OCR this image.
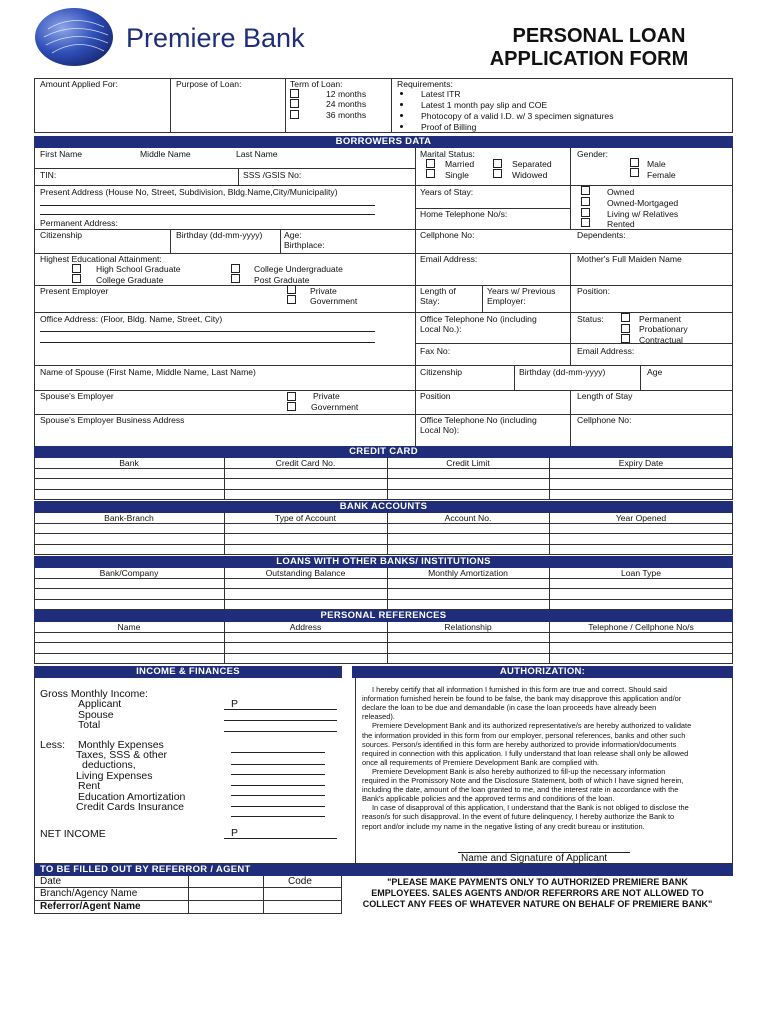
Premiere Bank	PERSONAL LOAN
APPLICATION FORM
Amount Applied For:	Purpose of Loan:	Term of Loan:
12 months
24 months
36 months
Requirements:
Latest ITR
Latest 1 month pay slip and COE
Photocopy of a valid I.D. w/ 3 specimen signatures
Proof of Billing
BORROWERS DATA
First Name	Middle Name	Last Name	Marital Status:
Married	Separated
Single	Widowed
Gender:
Male
Female
TIN:	SSS /GSIS No:
Present Address (House No, Street, Subdivision, Bldg.Name,City/Municipality)
Permanent Address:
Years of Stay:
Home Telephone No/s:
Owned
Owned-Mortgaged
Living w/ Relatives
Rented
Citizenship	Birthday (dd-mm-yyyy)	Age:
Birthplace:
Cellphone No:	Dependents:
Highest Educational Attainment:
High School Graduate	College Undergraduate
College Graduate	Post Graduate
Email Address:	Mother's Full Maiden Name
Present Employer	Private
Government
Length of
Stay:
Years w/ Previous
Employer:
Position:
Office Address: (Floor, Bldg. Name, Street, City)	Office Telephone No (including
Local No.):
Status:	Permanent
Probationary
Contractual
Fax No:	Email Address:
Name of Spouse (First Name, Middle Name, Last Name)	Citizenship	Birthday (dd-mm-yyyy)	Age
Spouse's Employer	Private
Government
Position	Length of Stay
Spouse's Employer Business Address	Office Telephone No (including
Local No):
Cellphone No:
CREDIT CARD
Bank	Credit Card No.	Credit Limit	Expiry Date
BANK ACCOUNTS
Bank-Branch	Type of Account	Account No.	Year Opened
LOANS WITH OTHER BANKS/ INSTITUTIONS
Bank/Company	Outstanding Balance	Monthly Amortization	Loan Type
PERSONAL REFERENCES
Name	Address	Relationship	Telephone / Cellphone No/s
INCOME & FINANCES	AUTHORIZATION:
Gross Monthly Income:
Applicant	P
Spouse
Total
Less: Monthly Expenses
Taxes, SSS & other
deductions,
Living Expenses
Rent
Education Amortization
Credit Cards Insurance
NET INCOME	P
I hereby certify that all information I furnished in this form are true and correct. Should said
information furnished herein be found to be false, the bank may disapprove this application and/or
declare the loan to be due and demandable (in case the loan proceeds have already been
released).
Premiere Development Bank and its authorized representative/s are hereby authorized to validate
the information provided in this form from our employer, personal references, banks and other such
sources. Person/s identified in this form are hereby authorized to provide information/documents
required in connection with this application. I fully understand that loan release shall only be allowed
once all requirements of Premiere Development Bank are complied with.
Premiere Development Bank is also hereby authorized to fill-up the necessary information
required in the Promissory Note and the Disclosure Statement, both of which I have signed herein,
including the date, amount of the loan granted to me, and the interest rate in accordance with the
Bank's applicable policies and the approved terms and conditions of the loan.
In case of disapproval of this application, I understand that the Bank is not obliged to disclose the
reason/s for such disapproval. In the event of future delinquency, I hereby authorize the Bank to
report and/or include my name in the negative listing of any credit bureau or institution.
Name and Signature of Applicant
TO BE FILLED OUT BY REFERROR / AGENT
Date	Code
Branch/Agency Name
Referror/Agent Name
"PLEASE MAKE PAYMENTS ONLY TO AUTHORIZED PREMIERE BANK
EMPLOYEES. SALES AGENTS AND/OR REFERRORS ARE NOT ALLOWED TO
COLLECT ANY FEES OF WHATEVER NATURE ON BEHALF OF PREMIERE BANK"
